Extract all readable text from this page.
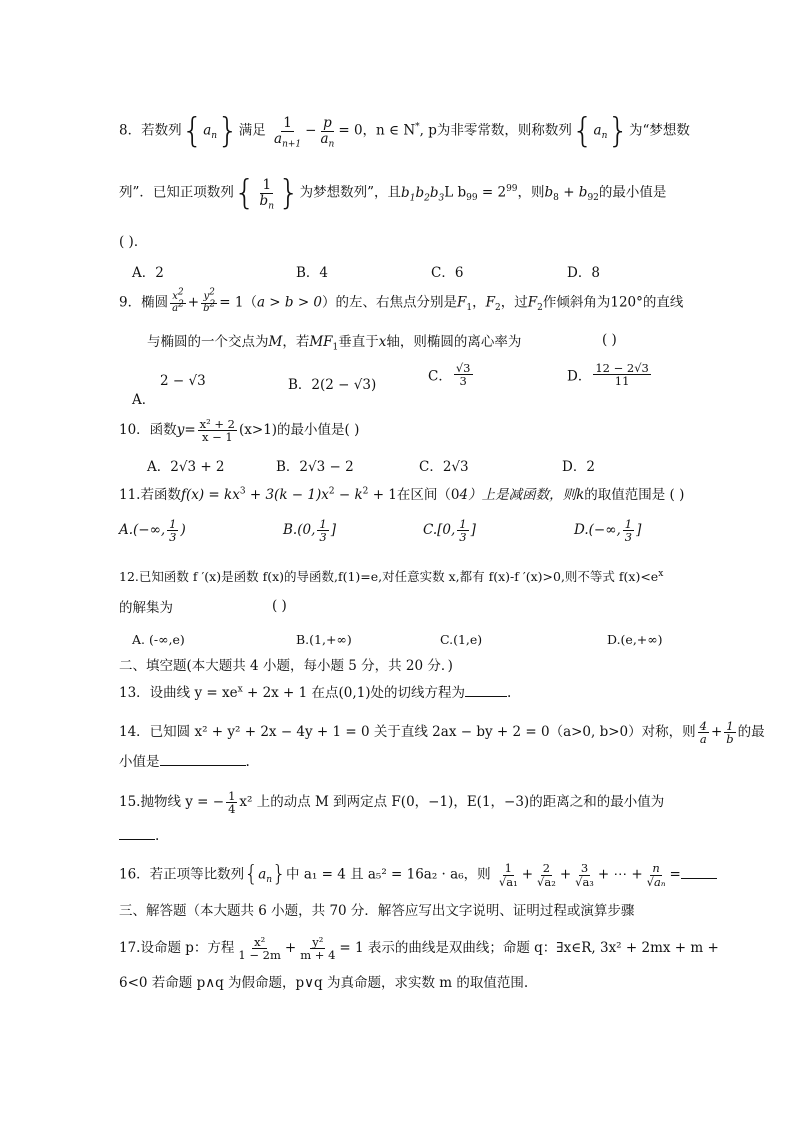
8．若数列$\{a_n\}$满足 $\frac{1}{a_{n+1}} - \frac{p}{a_n} = 0$，n ∈ N*, p为非零常数，则称数列$\{a_n\}$为“梦想数
列”．已知正项数列{ $\frac{1}{b_n}$ }为梦想数列”，且$b_1b_2b_3L$ $b_{99} = 2^{99}$，则$b_8 + b_{92}$的最小值是
( )．
A．2	B．4	C．6	D．8
9．椭圆 $\frac{x^2}{a^2} + \frac{y^2}{b^2} = 1(a > b > 0)$的左、右焦点分别是$F_1$，$F_2$，过$F_2$作倾斜角为120°的直线
与椭圆的一个交点为M，若$MF_1$垂直于x轴，则椭圆的离心率为	( )
A．
2 − √3	B．2(2 − √3)
C． $\frac{√3}{3}$	D． $\frac{12 - 2√3}{11}$
10．函数$y= \frac{\text{x² + 2}}{x - 1} (x>1)$的最小值是( )
A．2√3 + 2	B．2√3 − 2	C．2√3	D．2
11.若函数$f(x) = kx^3 + 3(k - 1)x^2 - k^2 + 1$在区间（04）上是减函数，则k的取值范围是 ( )
A.(−∞, $\frac{1}{3}$ )	B.(0, $\frac{1}{3}$ ]	C.[0, $\frac{1}{3}$ ]	D.(−∞, $\frac{1}{3}$ ]
12.已知函数 f ′(x)是函数 f(x)的导函数,f(1)=e,对任意实数 x,都有 f(x)-f ′(x)>0,则不等式 $f(x)<e^x$
的解集为	( )
A. (-∞,e)	B.(1,+∞)	C.(1,e)	D.(e,+∞)
二、填空题(本大题共 4 小题，每小题 5 分，共 20 分．)
13．设曲线 $y = xe^x + 2x + 1$ 在点(0,1)处的切线方程为	.
14．已知圆 x² + y² + 2x − 4y + 1 = 0 关于直线 2ax − by + 2 = 0（a>0, b>0）对称，则 $\frac{4}{a} + \frac{1}{b}$ 的最
小值是	.
15.抛物线 y = − $\frac{1}{4} x^2$ 上的动点 M 到两定点 F(0，−1)，E(1，−3)的距离之和的最小值为
.
16．若正项等比数列$\{a_n\}$中 a₁ = 4 且 a₅² = 16a₂ · a₆，则 $\frac{1}{\text{√a₁}} + \frac{2}{\text{√a₂}} + \frac{3}{\text{√a₃}}$ + ⋯ + $\frac{n}{\text{√aₙ}}$ =
三、解答题（本大题共 6 小题，共 70 分．解答应写出文字说明、证明过程或演算步骤
17.设命题 p：方程 $\frac{\text{x²}}{1 - 2m} + \frac{\text{y²}}{m + 4} = 1$ 表示的曲线是双曲线；命题 q：∃x∈R, 3x² + 2mx + m +
6<0 若命题 p∧q 为假命题，p∨q 为真命题，求实数 m 的取值范围.
